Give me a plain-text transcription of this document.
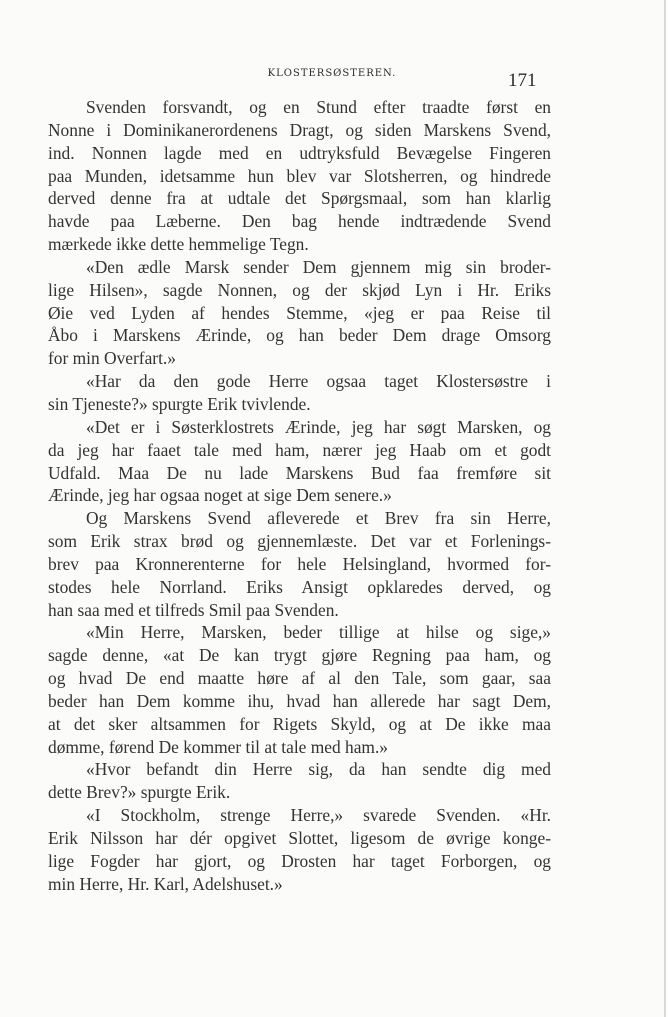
KLOSTERSØSTEREN.	171
Svenden forsvandt, og en Stund efter traadte først en
Nonne i Dominikanerordenens Dragt, og siden Marskens Svend,
ind. Nonnen lagde med en udtryksfuld Bevægelse Fingeren
paa Munden, idetsamme hun blev var Slotsherren, og hindrede
derved denne fra at udtale det Spørgsmaal, som han klarlig
havde paa Læberne. Den bag hende indtrædende Svend
mærkede ikke dette hemmelige Tegn.
«Den ædle Marsk sender Dem gjennem mig sin broder-
lige Hilsen», sagde Nonnen, og der skjød Lyn i Hr. Eriks
Øie ved Lyden af hendes Stemme, «jeg er paa Reise til
Åbo i Marskens Ærinde, og han beder Dem drage Omsorg
for min Overfart.»
«Har da den gode Herre ogsaa taget Klostersøstre i
sin Tjeneste?» spurgte Erik tvivlende.
«Det er i Søsterklostrets Ærinde, jeg har søgt Marsken, og
da jeg har faaet tale med ham, nærer jeg Haab om et godt
Udfald. Maa De nu lade Marskens Bud faa fremføre sit
Ærinde, jeg har ogsaa noget at sige Dem senere.»
Og Marskens Svend afleverede et Brev fra sin Herre,
som Erik strax brød og gjennemlæste. Det var et Forlenings-
brev paa Kronnerenterne for hele Helsingland, hvormed for-
stodes hele Norrland. Eriks Ansigt opklaredes derved, og
han saa med et tilfreds Smil paa Svenden.
«Min Herre, Marsken, beder tillige at hilse og sige,»
sagde denne, «at De kan trygt gjøre Regning paa ham, og
og hvad De end maatte høre af al den Tale, som gaar, saa
beder han Dem komme ihu, hvad han allerede har sagt Dem,
at det sker altsammen for Rigets Skyld, og at De ikke maa
dømme, førend De kommer til at tale med ham.»
«Hvor befandt din Herre sig, da han sendte dig med
dette Brev?» spurgte Erik.
«I Stockholm, strenge Herre,» svarede Svenden. «Hr.
Erik Nilsson har dér opgivet Slottet, ligesom de øvrige konge-
lige Fogder har gjort, og Drosten har taget Forborgen, og
min Herre, Hr. Karl, Adelshuset.»
